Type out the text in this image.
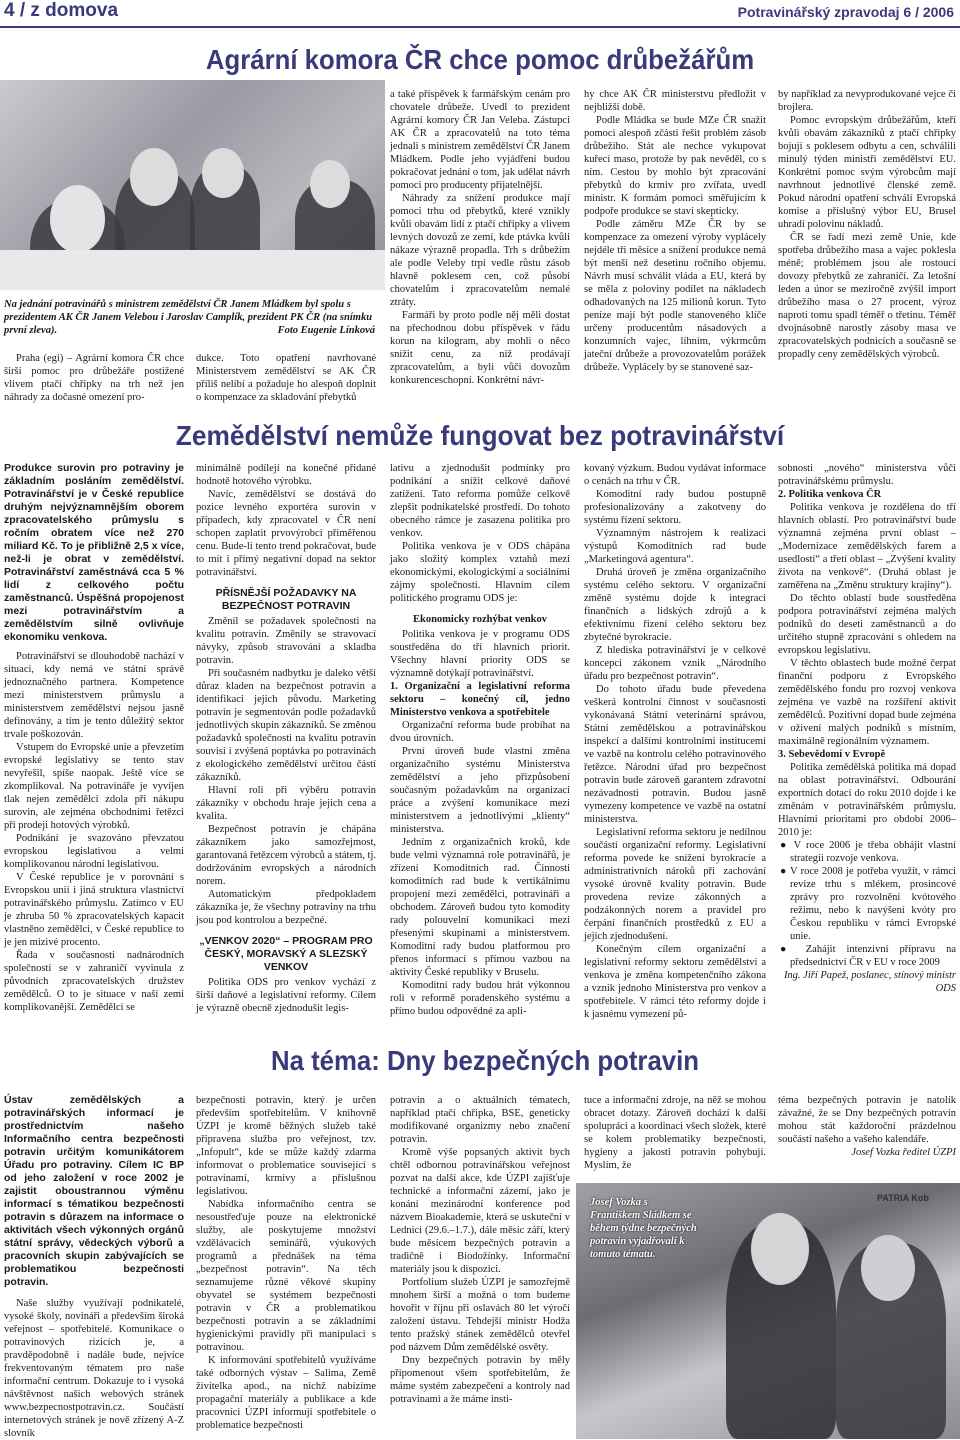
4 / z domova	Potravinářský zpravodaj 6 / 2006
Agrární komora ČR chce pomoc drůbežářům
Na jednání potravinářů s ministrem zemědělství ČR Janem Mládkem byl spolu s prezidentem AK ČR Janem Velebou i Jaroslav Camplík, prezident PK ČR (na snímku první zleva).	Foto Eugenie Línková

Praha (egi) – Agrární komora ČR chce širší pomoc pro drůbežáře postižené vlivem ptačí chřipky na trh než jen náhrady za dočasné omezení pro-

dukce. Toto opatření navrhované Ministerstvem zemědělství se AK ČR příliš nelíbí a požaduje ho alespoň doplnit o kompenzace za skladování přebytků

a také příspěvek k farmářským cenám pro chovatele drůbeže. Uvedl to prezident Agrární komory ČR Jan Veleba. Zástupci AK ČR a zpracovatelů na toto téma jednali s ministrem zemědělství ČR Janem Mládkem. Podle jeho vyjádření budou pokračovat jednání o tom, jak udělat návrh pomoci pro producenty přijatelnější.

Náhrady za snížení produkce mají pomoci trhu od přebytků, které vznikly kvůli obavám lidí z ptačí chřipky a vlivem levných dovozů ze zemí, kde ptávka kvůli nákaze výrazně propadla. Trh s drůbežím ale podle Veleby trpí vedle růstu zásob hlavně poklesem cen, což působí chovatelům i zpracovatelům nemalé ztráty.

Farmáři by proto podle něj měli dostat na přechodnou dobu příspěvek v řádu korun na kilogram, aby mohli o něco snížit cenu, za níž prodávají zpracovatelům, a byli vůči dovozům konkurenceschopní. Konkrétní návr-

hy chce AK ČR ministerstvu předložit v nejbližší době.

Podle Mládka se bude MZe ČR snažit pomoci alespoň zčásti řešit problém zásob drůbežího. Stát ale nechce vykupovat kuřecí maso, protože by pak nevěděl, co s ním. Cestou by mohlo být zpracování přebytků do krmiv pro zvířata, uvedl ministr. K formám pomoci směřujícím k podpoře produkce se staví skepticky.

Podle záměru MZe ČR by se kompenzace za omezení výroby vyplácely nejdéle tři měsíce a snížení produkce nemá být menší než desetinu ročního objemu. Návrh musí schválit vláda a EU, která by se měla z poloviny podílet na nákladech odhadovaných na 125 milionů korun. Tyto peníze mají být podle stanoveného klíče určeny producentům násadových a konzumních vajec, líhním, výkrmcům jateční drůbeže a provozovatelům porážek drůbeže. Vyplácely by se stanovené saz-

by například za nevyprodukované vejce či brojlera.

Pomoc evropským drůbežářům, kteří kvůli obavám zákazníků z ptačí chřipky bojují s poklesem odbytu a cen, schválili minulý týden ministři zemědělství EU. Konkrétní pomoc svým výrobcům mají navrhnout jednotlivé členské země. Pokud národní opatření schválí Evropská komise a příslušný výbor EU, Brusel uhradí polovinu nákladů.

ČR se řadí mezi země Unie, kde spotřeba drůbežího masa a vajec poklesla méně; problémem jsou ale rostoucí dovozy přebytků ze zahraničí. Za letošní leden a únor se meziročně zvýšil import drůbežího masa o 27 procent, výroz naproti tomu spadl téměř o třetinu. Téměř dvojnásobně narostly zásoby masa ve zpracovatelských podnicích a současně se propadly ceny zemědělských výrobců.

Zemědělství nemůže fungovat bez potravinářství
Produkce surovin pro potraviny je základním posláním zemědělství. Potravinářství je v České republice druhým nejvýznamnějším oborem zpracovatelského průmyslu s ročním obratem více než 270 miliard Kč. To je přibližně 2,5 x více, než-li je obrat v zemědělství. Potravinářství zaměstnává cca 5 % lidí z celkového počtu zaměstnanců. Úspěšná propojenost mezi potravinářstvím a zemědělstvím silně ovlivňuje ekonomiku venkova.

Potravinářství se dlouhodobě nachází v situaci, kdy nemá ve státní správě jednoznačného partnera. Kompetence mezi ministerstvem průmyslu a ministerstvem zemědělství nejsou jasně definovány, a tím je tento důležitý sektor trvale poškozován.

Vstupem do Evropské unie a převzetím evropské legislativy se tento stav nevyřešil, spíše naopak. Ještě více se zkomplikoval. Na potravináře je vyvíjen tlak nejen zemědělci zdola při nákupu surovin, ale zejména obchodními řetězci při prodeji hotových výrobků.

Podnikání je svazováno převzatou evropskou legislativou a velmi komplikovanou národní legislativou.

V České republice je v porovnání s Evropskou unií i jiná struktura vlastnictví potravinářského průmyslu. Zatímco v EU je zhruba 50 % zpracovatelských kapacit vlastněno zemědělci, v České republice to je jen mizivé procento.

Řada v současnosti nadnárodních společností se v zahraničí vyvinula z původních zpracovatelských družstev zemědělců. O to je situace v naší zemi komplikovanější. Zemědělci se

minimálně podílejí na konečné přidané hodnotě hotového výrobku.

Navíc, zemědělství se dostává do pozice levného exportéra surovin v případech, kdy zpracovatel v ČR není schopen zaplatit prvovýrobci přiměřenou cenu. Bude-li tento trend pokračovat, bude to mít i přímý negativní dopad na sektor potravinářství.

PŘÍSNĚJŠÍ POŽADAVKY NA BEZPEČNOST POTRAVIN

Změnil se požadavek společnosti na kvalitu potravin. Změnily se stravovací návyky, způsob stravování a skladba potravin.

Při současném nadbytku je daleko větší důraz kladen na bezpečnost potravin a identifikaci jejich původu. Marketing potravin je segmentován podle požadavků jednotlivých skupin zákazníků. Se změnou požadavků společnosti na kvalitu potravin souvisí i zvýšená poptávka po potravinách z ekologického zemědělství určitou částí zákazníků.

Hlavní roli při výběru potravin zákazníky v obchodu hraje jejich cena a kvalita.

Bezpečnost potravin je chápána zákazníkem jako samozřejmost, garantovaná řetězcem výrobců a státem, tj. dodržováním evropských a národních norem.

Automatickým předpokladem zákazníka je, že všechny potraviny na trhu jsou pod kontrolou a bezpečné.

„VENKOV 2020“ – PROGRAM PRO ČESKÝ, MORAVSKÝ A SLEZSKÝ VENKOV

Politika ODS pro venkov vychází z širší daňové a legislativní reformy. Cílem je výrazně obecně zjednodušit legis-

lativu a zjednodušit podmínky pro podnikání a snížit celkové daňové zatížení. Tato reforma pomůže celkově zlepšit podnikatelské prostředí. Do tohoto obecného rámce je zasazena politika pro venkov.

Politika venkova je v ODS chápána jako složitý komplex vztahů mezi ekonomickými, ekologickými a sociálními zájmy společnosti. Hlavním cílem politického programu ODS je:

Ekonomicky rozhýbat venkov

Politika venkova je v programu ODS soustředěna do tří hlavních priorit. Všechny hlavní priority ODS se významně dotýkají potravinářství.

1. Organizační a legislativní reforma sektoru – konečný cíl, jedno Ministerstvo venkova a spotřebitele

Organizační reforma bude probíhat na dvou úrovních.

První úroveň bude vlastní změna organizačního systému Ministerstva zemědělství a jeho přizpůsobení současným požadavkům na organizaci práce a zvýšení komunikace mezi ministerstvem a jednotlivými „klienty“ ministerstva.

Jedním z organizačních kroků, kde bude velmi významná role potravinářů, je zřízení Komoditních rad. Činnosti komoditních rad bude k vertikálnímu propojení mezi zemědělci, potravináři a obchodem. Zároveň budou tyto komodity rady polouvelní komunikaci mezi přesenými skupinami a ministerstvem. Komoditní rady budou platformou pro přenos informací s přímou vazbou na aktivity České republiky v Bruselu.

Komoditní rady budou hrát výkonnou roli v reformě poradenského systému a přímo budou odpovědné za apli-

kovaný výzkum. Budou vydávat informace o cenách na trhu v ČR.

Komoditní rady budou postupně profesionalizovány a zakotveny do systému řízení sektoru.

Významným nástrojem k realizaci výstupů Komoditních rad bude „Marketingová agentura“.

Druhá úroveň je změna organizačního systému celého sektoru. V organizační změně systému dojde k integraci finančních a lidských zdrojů a k efektivnímu řízení celého sektoru bez zbytečné byrokracie.

Z hlediska potravinářství je v celkové koncepci zákonem vznik „Národního úřadu pro bezpečnost potravin“.

Do tohoto úřadu bude převedena veškerá kontrolní činnost v současnosti vykonávaná Státní veterinární správou, Státní zemědělskou a potravinářskou inspekcí a dalšími kontrolními institucemi ve vazbě na kontrolu celého potravinového řetězce. Národní úřad pro bezpečnost potravin bude zároveň garantem zdravotní nezávadnosti potravin. Budou jasně vymezeny kompetence ve vazbě na ostatní ministerstva.

Legislativní reforma sektoru je nedílnou součástí organizační reformy. Legislativní reforma povede ke snížení byrokracie a administrativních nároků při zachování vysoké úrovně kvality potravin. Bude provedena revize zákonných a podzákonných norem a pravidel pro čerpání finančních prostředků z EU a jejich zjednodušení.

Konečným cílem organizační a legislativní reformy sektoru zemědělství a venkova je změna kompetenčního zákona a vznik jednoho Ministerstva pro venkov a spotřebitele. V rámci této reformy dojde i k jasnému vymezení pů-

sobnosti „nového“ ministerstva vůči potravinářskému průmyslu.

2. Politika venkova ČR

Politika venkova je rozdělena do tří hlavních oblastí. Pro potravinářství bude významná zejména první oblast – „Modernizace zemědělských farem a usedlostí“ a třetí oblast – „Zvýšení kvality života na venkově“. (Druhá oblast je zaměřena na „Změnu struktury krajiny“).

Do těchto oblastí bude soustředěna podpora potravinářství zejména malých podniků do deseti zaměstnanců a do určitého stupně zpracování s ohledem na evropskou legislativu.

V těchto oblastech bude možné čerpat finanční podporu z Evropského zemědělského fondu pro rozvoj venkova zejména ve vazbě na rozšíření aktivit zemědělců. Pozitivní dopad bude zejména v oživení malých podniků s místním, maximálně regionálním významem.

3. Sebevědomí v Evropě

Politika zemědělská politika má dopad na oblast potravinářství. Odbourání exportních dotací do roku 2010 dojde i ke změnám v potravinářském průmyslu. Hlavními prioritami pro období 2006–2010 je:

● V roce 2006 je třeba obhájit vlastní strategii rozvoje venkova.

● V roce 2008 je potřeba využít, v rámci revize trhu s mlékem, prosincové zprávy pro rozvolnění kvótového režimu, nebo k navýšení kvóty pro Českou republiku v rámci Evropské unie.

● Zahájit intenzivní přípravu na předsednictví ČR v EU v roce 2009

Ing. Jiří Papež, poslanec, stínový ministr ODS

Na téma: Dny bezpečných potravin
Ústav zemědělských a potravinářských informací je prostřednictvím našeho Informačního centra bezpečnosti potravin určitým komunikátorem Úřadu pro potraviny. Cílem IC BP od jeho založení v roce 2002 je zajistit oboustrannou výměnu informací s tématikou bezpečnosti potravin s důrazem na informace o aktivitách všech výkonných orgánů státní správy, vědeckých výborů a pracovních skupin zabývajících se problematikou bezpečnosti potravin.

Naše služby využívají podnikatelé, vysoké školy, novináři a především široká veřejnost – spotřebitelé. Komunikace o potravinových rizicích je, a pravděpodobně i nadále bude, nejvíce frekventovaným tématem pro naše informační centrum. Dokazuje to i vysoká návštěvnost našich webových stránek www.bezpecnostpotravin.cz. Součástí internetových stránek je nově zřízený A-Z slovník

bezpečnosti potravin, který je určen především spotřebitelům. V knihovně ÚZPI je kromě běžných služeb také připravena služba pro veřejnost, tzv. „Infopult“, kde se může každý zdarma informovat o problematice související s potravinami, krmivy a příslušnou legislativou.

Nabídka informačního centra se nesoustřeďuje pouze na elektronické služby, ale poskytujeme množství vzdělávacích seminářů, výukových programů a přednášek na téma „bezpečnost potravin“. Na těch seznamujeme různé věkové skupiny obyvatel se systémem bezpečnosti potravin v ČR a problematikou bezpečnosti potravin a se základními hygienickými pravidly při manipulaci s potravinou.

K informování spotřebitelů využíváme také odborných výstav – Salima, Země živitelka apod., na nichž nabízíme propagační materiály a publikace a kde pracovníci ÚZPI informují spotřebitele o problematice bezpečnosti

potravin a o aktuálních tématech, například ptačí chřipka, BSE, geneticky modifikované organizmy nebo značení potravin.

Kromě výše popsaných aktivit bych chtěl odbornou potravinářskou veřejnost pozvat na další akce, kde ÚZPI zajišťuje technické a informační zázemí, jako je konání mezinárodní konference pod názvem Bioakademie, která se uskuteční v Lednici (29.6.–1.7.), dále měsíc září, který bude měsícem bezpečných potravin a tradičně i Biodožínky. Informační materiály jsou k dispozici.

Portfolium služeb ÚZPI je samozřejmě mnohem širší a možná o tom budeme hovořit v říjnu při oslavách 80 let výročí založení ústavu. Tehdejší ministr Hodža tento pražský stánek zemědělců otevřel pod názvem Dům zemědělské osvěty.

Dny bezpečných potravin by měly připomenout všem spotřebitelům, že máme systém zabezpečení a kontroly nad potravinami a že máme insti-

tuce a informační zdroje, na něž se mohou obracet dotazy. Zároveň dochází k další spolupráci a koordinaci všech složek, které se kolem problematiky bezpečnosti, hygieny a jakosti potravin pohybují. Myslím, že

téma bezpečných potravin je natolik závažné, že se Dny bezpečných potravin mohou stát každoroční prázdelnou součástí našeho a vašeho kalendáře.

Josef Vozka ředitel ÚZPI

Josef Vozka s Františkem Sládkem se během týdne bezpečných potravin vyjadřovali k tomuto tématu.
PATRIA Kob
